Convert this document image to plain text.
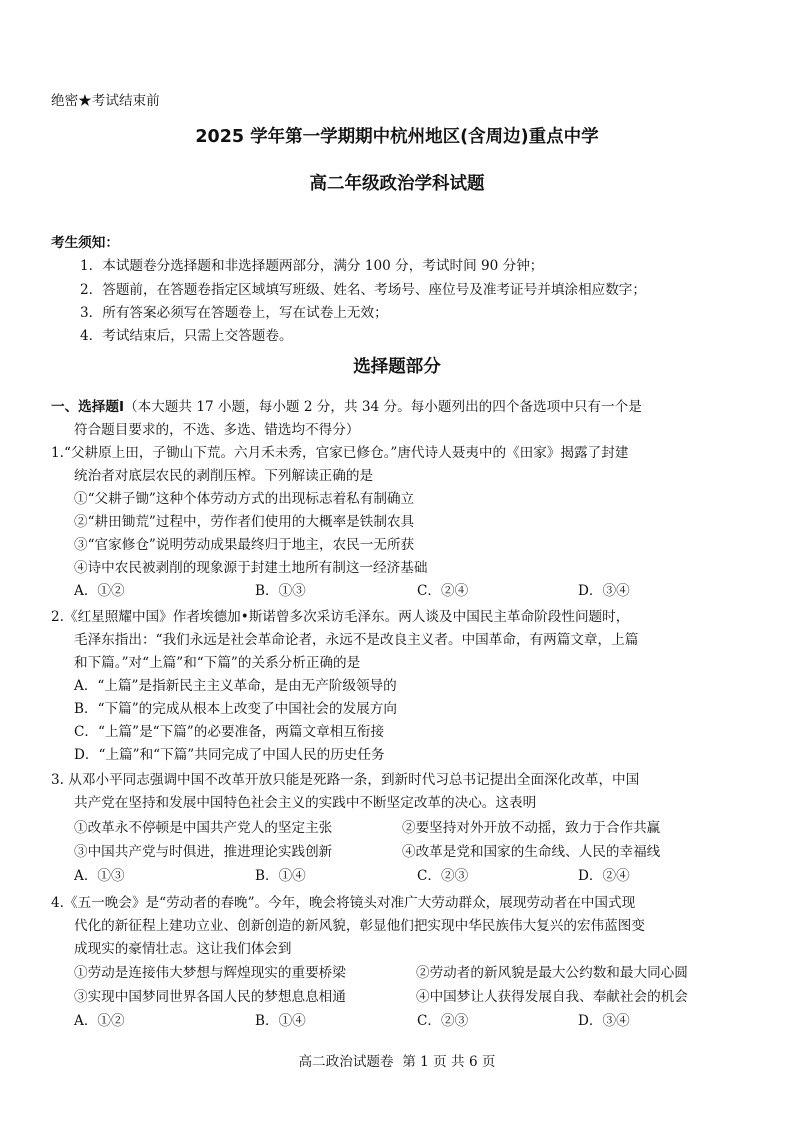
绝密★考试结束前
2025 学年第一学期期中杭州地区(含周边)重点中学
高二年级政治学科试题
考生须知：
1．本试题卷分选择题和非选择题两部分，满分 100 分，考试时间 90 分钟；
2．答题前，在答题卷指定区域填写班级、姓名、考场号、座位号及准考证号并填涂相应数字；
3．所有答案必须写在答题卷上，写在试卷上无效；
4．考试结束后，只需上交答题卷。
选择题部分
一、选择题Ⅰ（本大题共 17 小题，每小题 2 分，共 34 分。每小题列出的四个备选项中只有一个是
符合题目要求的，不选、多选、错选均不得分）
1.“父耕原上田，子锄山下荒。六月禾未秀，官家已修仓。”唐代诗人聂夷中的《田家》揭露了封建
统治者对底层农民的剥削压榨。下列解读正确的是
①“父耕子锄”这种个体劳动方式的出现标志着私有制确立
②“耕田锄荒”过程中，劳作者们使用的大概率是铁制农具
③“官家修仓”说明劳动成果最终归于地主，农民一无所获
④诗中农民被剥削的现象源于封建土地所有制这一经济基础
A．①②	B．①③	C．②④	D．③④
2.《红星照耀中国》作者埃德加•斯诺曾多次采访毛泽东。两人谈及中国民主革命阶段性问题时，
毛泽东指出：“我们永远是社会革命论者，永远不是改良主义者。中国革命，有两篇文章，上篇
和下篇。”对“上篇”和“下篇”的关系分析正确的是
A．“上篇”是指新民主主义革命，是由无产阶级领导的
B．“下篇”的完成从根本上改变了中国社会的发展方向
C．“上篇”是“下篇”的必要准备，两篇文章相互衔接
D．“上篇”和“下篇”共同完成了中国人民的历史任务
3. 从邓小平同志强调中国不改革开放只能是死路一条，到新时代习总书记提出全面深化改革，中国
共产党在坚持和发展中国特色社会主义的实践中不断坚定改革的决心。这表明
①改革永不停顿是中国共产党人的坚定主张	②要坚持对外开放不动摇，致力于合作共赢
③中国共产党与时俱进，推进理论实践创新	④改革是党和国家的生命线、人民的幸福线
A．①③	B．①④	C．②③	D．②④
4.《五一晚会》是“劳动者的春晚”。今年，晚会将镜头对准广大劳动群众，展现劳动者在中国式现
代化的新征程上建功立业、创新创造的新风貌，彰显他们把实现中华民族伟大复兴的宏伟蓝图变
成现实的豪情壮志。这让我们体会到
①劳动是连接伟大梦想与辉煌现实的重要桥梁	②劳动者的新风貌是最大公约数和最大同心圆
③实现中国梦同世界各国人民的梦想息息相通	④中国梦让人获得发展自我、奉献社会的机会
A．①②	B．①④	C．②③	D．③④
高二政治试题卷  第 1 页 共 6 页
